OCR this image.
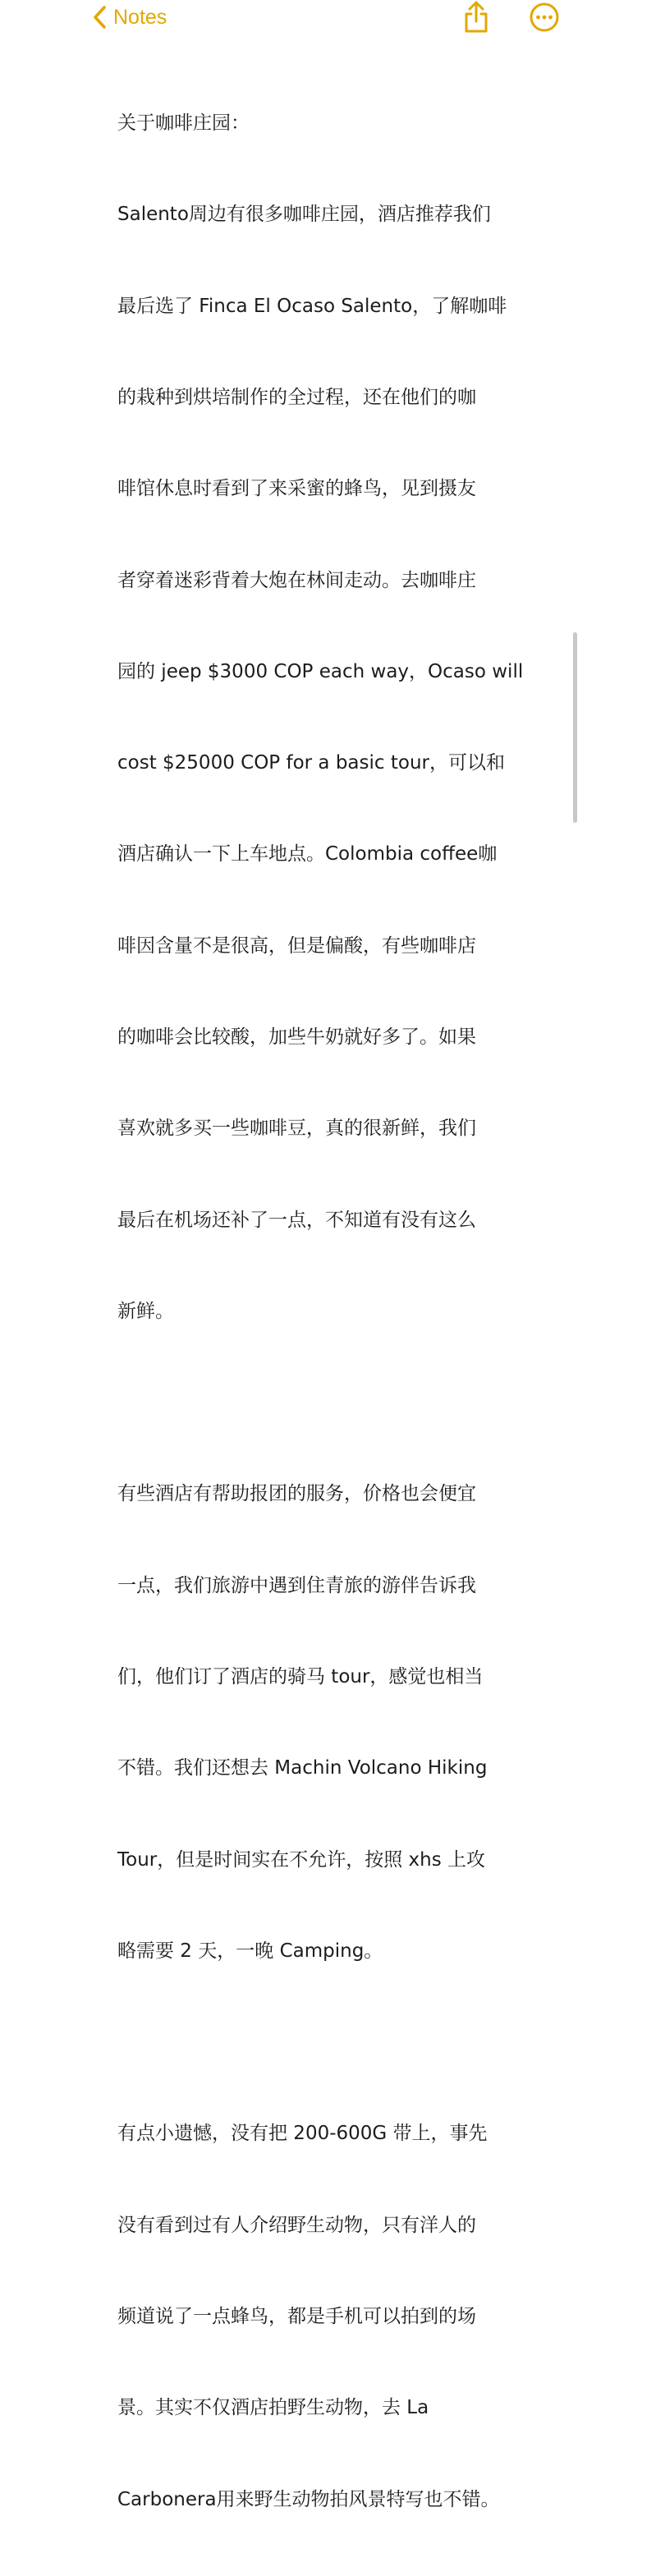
Notes

关于咖啡庄园：

Salento周边有很多咖啡庄园，酒店推荐我们

最后选了 Finca El Ocaso Salento，了解咖啡

的栽种到烘培制作的全过程，还在他们的咖

啡馆休息时看到了来采蜜的蜂鸟，见到摄友

者穿着迷彩背着大炮在林间走动。去咖啡庄

园的 jeep $3000 COP each way，Ocaso will

cost $25000 COP for a basic tour，可以和

酒店确认一下上车地点。Colombia coffee咖

啡因含量不是很高，但是偏酸，有些咖啡店

的咖啡会比较酸，加些牛奶就好多了。如果

喜欢就多买一些咖啡豆，真的很新鲜，我们

最后在机场还补了一点，不知道有没有这么

新鲜。

有些酒店有帮助报团的服务，价格也会便宜

一点，我们旅游中遇到住青旅的游伴告诉我

们，他们订了酒店的骑马 tour，感觉也相当

不错。我们还想去 Machin Volcano Hiking

Tour，但是时间实在不允许，按照 xhs 上攻

略需要 2 天，一晚 Camping。

有点小遗憾，没有把 200-600G 带上，事先

没有看到过有人介绍野生动物，只有洋人的

频道说了一点蜂鸟，都是手机可以拍到的场

景。其实不仅酒店拍野生动物，去 La

Carbonera用来野生动物拍风景特写也不错。
